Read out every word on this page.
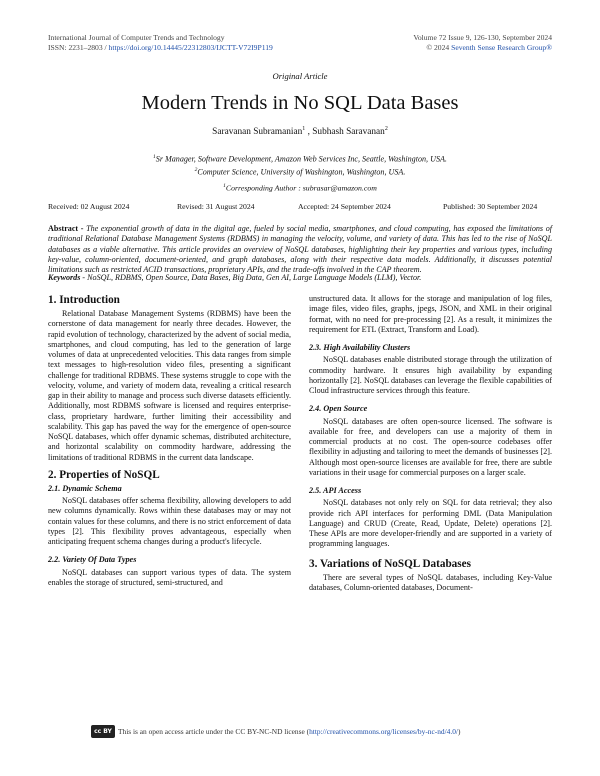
International Journal of Computer Trends and Technology
ISSN: 2231–2803 / https://doi.org/10.14445/22312803/IJCTT-V72I9P119
Volume 72 Issue 9, 126-130, September 2024
© 2024 Seventh Sense Research Group®
Original Article
Modern Trends in No SQL Data Bases
Saravanan Subramanian$^1$ , Subhash Saravanan$^2$
$^1$Sr Manager, Software Development, Amazon Web Services Inc, Seattle, Washington, USA.
$^2$Computer Science, University of Washington, Washington, USA.
$^1$Corresponding Author : subrasar@amazon.com
Received: 02 August 2024	Revised: 31 August 2024	Accepted: 24 September 2024	Published: 30 September 2024
Abstract - The exponential growth of data in the digital age, fueled by social media, smartphones, and cloud computing, has exposed the limitations of traditional Relational Database Management Systems (RDBMS) in managing the velocity, volume, and variety of data. This has led to the rise of NoSQL databases as a viable alternative. This article provides an overview of NoSQL databases, highlighting their key properties and various types, including key-value, column-oriented, document-oriented, and graph databases, along with their respective data models. Additionally, it discusses potential limitations such as restricted ACID transactions, proprietary APIs, and the trade-offs involved in the CAP theorem.
Keywords - NoSQL, RDBMS, Open Source, Data Bases, Big Data, Gen AI, Large Language Models (LLM), Vector.
1. Introduction

Relational Database Management Systems (RDBMS) have been the cornerstone of data management for nearly three decades. However, the rapid evolution of technology, characterized by the advent of social media, smartphones, and cloud computing, has led to the generation of large volumes of data at unprecedented velocities. This data ranges from simple text messages to high-resolution video files, presenting a significant challenge for traditional RDBMS. These systems struggle to cope with the velocity, volume, and variety of modern data, revealing a critical research gap in their ability to manage and process such diverse datasets efficiently. Additionally, most RDBMS software is licensed and requires enterprise-class, proprietary hardware, further limiting their accessibility and scalability. This gap has paved the way for the emergence of open-source NoSQL databases, which offer dynamic schemas, distributed architecture, and horizontal scalability on commodity hardware, addressing the limitations of traditional RDBMS in the current data landscape.

2. Properties of NoSQL
2.1. Dynamic Schema

NoSQL databases offer schema flexibility, allowing developers to add new columns dynamically. Rows within these databases may or may not contain values for these columns, and there is no strict enforcement of data types [2]. This flexibility proves advantageous, especially when anticipating frequent schema changes during a product's lifecycle.

2.2. Variety Of Data Types

NoSQL databases can support various types of data. The system enables the storage of structured, semi-structured, and

unstructured data. It allows for the storage and manipulation of log files, image files, video files, graphs, jpegs, JSON, and XML in their original format, with no need for pre-processing [2]. As a result, it minimizes the requirement for ETL (Extract, Transform and Load).

2.3. High Availability Clusters

NoSQL databases enable distributed storage through the utilization of commodity hardware. It ensures high availability by expanding horizontally [2]. NoSQL databases can leverage the flexible capabilities of Cloud infrastructure services through this feature.

2.4. Open Source

NoSQL databases are often open-source licensed. The software is available for free, and developers can use a majority of them in commercial products at no cost. The open-source codebases offer flexibility in adjusting and tailoring to meet the demands of businesses [2]. Although most open-source licenses are available for free, there are subtle variations in their usage for commercial purposes on a larger scale.

2.5. API Access

NoSQL databases not only rely on SQL for data retrieval; they also provide rich API interfaces for performing DML (Data Manipulation Language) and CRUD (Create, Read, Update, Delete) operations [2]. These APIs are more developer-friendly and are supported in a variety of programming languages.

3. Variations of NoSQL Databases

There are several types of NoSQL databases, including Key-Value databases, Column-oriented databases, Document-

cc BY NC ND
This is an open access article under the CC BY-NC-ND license (http://creativecommons.org/licenses/by-nc-nd/4.0/)
